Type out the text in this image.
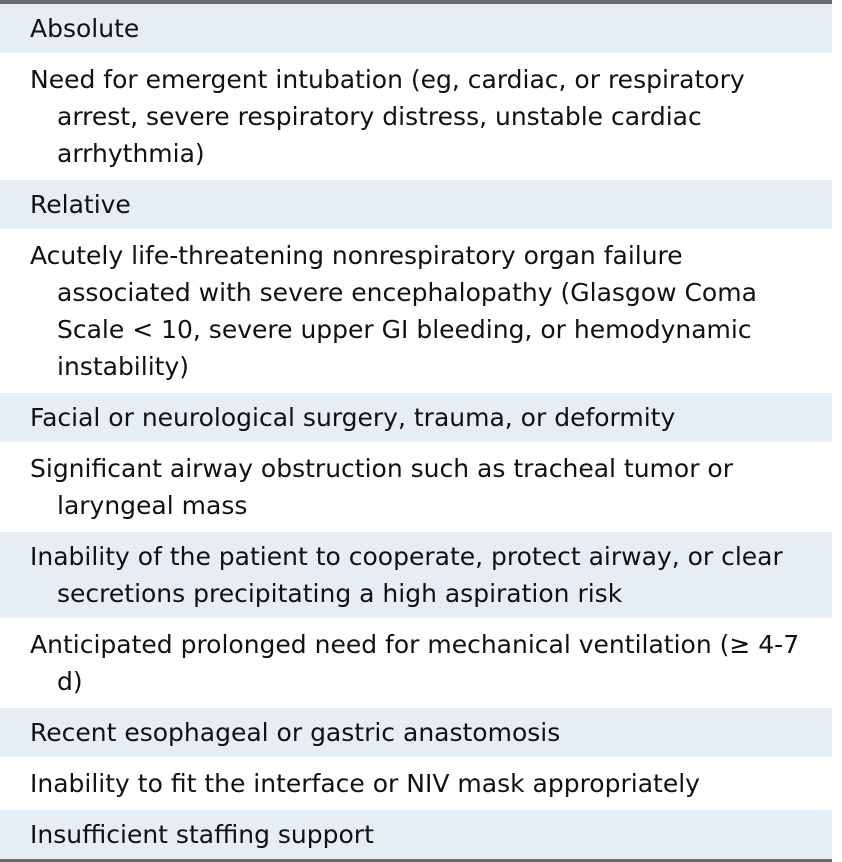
Absolute
Need for emergent intubation (eg, cardiac, or respiratory arrest, severe respiratory distress, unstable cardiac arrhythmia)
Relative
Acutely life-threatening nonrespiratory organ failure associated with severe encephalopathy (Glasgow Coma Scale < 10, severe upper GI bleeding, or hemodynamic instability)
Facial or neurological surgery, trauma, or deformity
Significant airway obstruction such as tracheal tumor or laryngeal mass
Inability of the patient to cooperate, protect airway, or clear secretions precipitating a high aspiration risk
Anticipated prolonged need for mechanical ventilation (≥ 4-7 d)
Recent esophageal or gastric anastomosis
Inability to fit the interface or NIV mask appropriately
Insufficient staffing support
